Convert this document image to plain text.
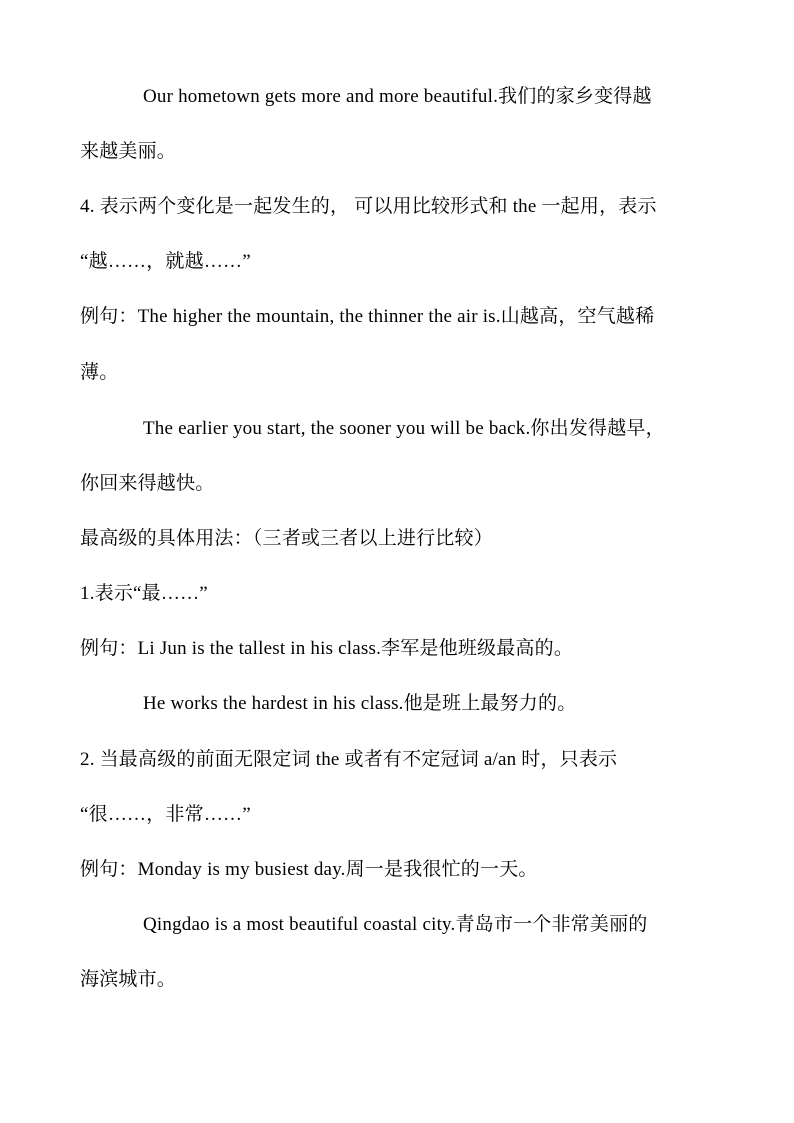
Our hometown gets more and more beautiful.我们的家乡变得越
来越美丽。
4. 表示两个变化是一起发生的， 可以用比较形式和 the 一起用，表示
“越……，就越……”
例句：The higher the mountain, the thinner the air is.山越高，空气越稀
薄。
The earlier you start, the sooner you will be back.你出发得越早，
你回来得越快。
最高级的具体用法：（三者或三者以上进行比较）
1.表示“最……”
例句：Li Jun is the tallest in his class.李军是他班级最高的。
He works the hardest in his class.他是班上最努力的。
2. 当最高级的前面无限定词 the 或者有不定冠词 a/an 时，只表示
“很……，非常……”
例句：Monday is my busiest day.周一是我很忙的一天。
Qingdao is a most beautiful coastal city.青岛市一个非常美丽的
海滨城市。
